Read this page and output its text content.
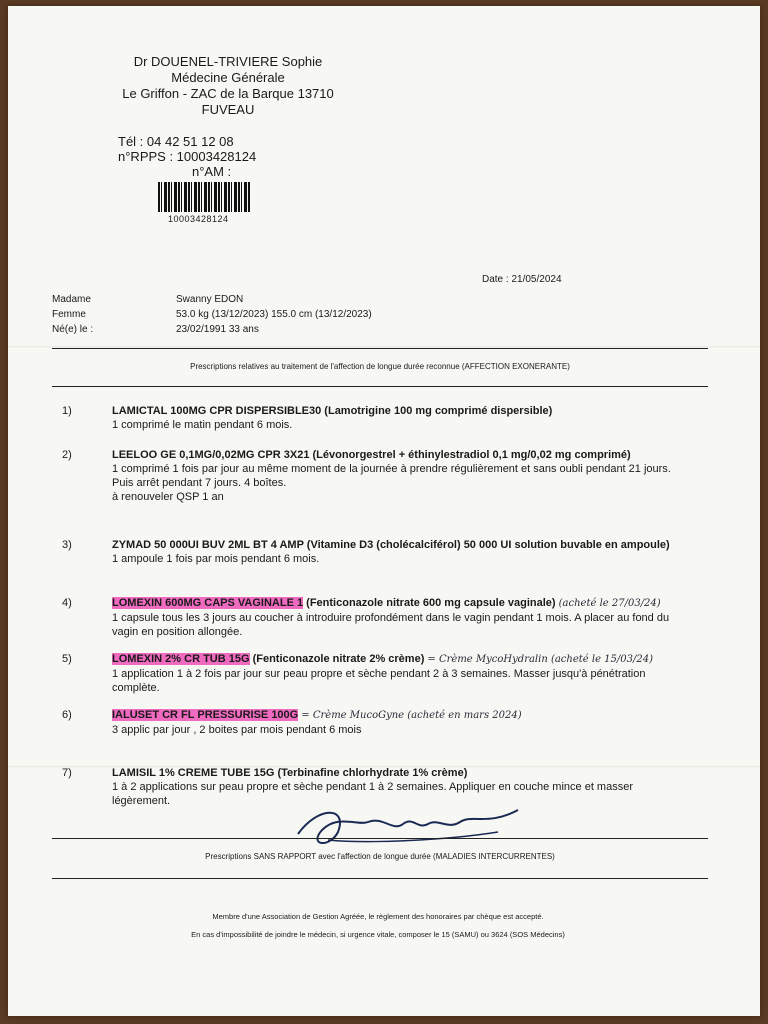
Dr DOUENEL-TRIVIERE Sophie
Médecine Générale
Le Griffon - ZAC de la Barque 13710
FUVEAU
Tél : 04 42 51 12 08
n°RPPS : 10003428124
n°AM :
10003428124
Date : 21/05/2024
Madame	Swanny EDON
Femme	53.0 kg (13/12/2023) 155.0 cm (13/12/2023)
Né(e) le :	23/02/1991 33 ans
Prescriptions relatives au traitement de l'affection de longue durée reconnue (AFFECTION EXONERANTE)
1)	LAMICTAL 100MG CPR DISPERSIBLE30 (Lamotrigine 100 mg comprimé dispersible)
1 comprimé le matin pendant 6 mois.
2)	LEELOO GE 0,1MG/0,02MG CPR 3X21 (Lévonorgestrel + éthinylestradiol 0,1 mg/0,02 mg comprimé)
1 comprimé 1 fois par jour au même moment de la journée à prendre régulièrement et sans oubli pendant 21 jours. Puis arrêt pendant 7 jours. 4 boîtes.
à renouveler QSP 1 an
3)	ZYMAD 50 000UI BUV 2ML BT 4 AMP (Vitamine D3 (cholécalciférol) 50 000 UI solution buvable en ampoule)
1 ampoule 1 fois par mois pendant 6 mois.
4)	LOMEXIN 600MG CAPS VAGINALE 1 (Fenticonazole nitrate 600 mg capsule vaginale) (acheté le 27/03/24)
1 capsule tous les 3 jours au coucher à introduire profondément dans le vagin pendant 1 mois. A placer au fond du vagin en position allongée.
5)	LOMEXIN 2% CR TUB 15G (Fenticonazole nitrate 2% crème) = Crème MycoHydralin (acheté le 15/03/24)
1 application 1 à 2 fois par jour sur peau propre et sèche pendant 2 à 3 semaines. Masser jusqu'à pénétration complète.
6)	IALUSET CR FL PRESSURISE 100G = Crème MucoGyne (acheté en mars 2024)
3 applic par jour , 2 boites par mois pendant 6 mois
7)	LAMISIL 1% CREME TUBE 15G (Terbinafine chlorhydrate 1% crème)
1 à 2 applications sur peau propre et sèche pendant 1 à 2 semaines. Appliquer en couche mince et masser légèrement.
Prescriptions SANS RAPPORT avec l'affection de longue durée (MALADIES INTERCURRENTES)
Membre d'une Association de Gestion Agréée, le règlement des honoraires par chèque est accepté.
En cas d'impossibilité de joindre le médecin, si urgence vitale, composer le 15 (SAMU) ou 3624 (SOS Médecins)
